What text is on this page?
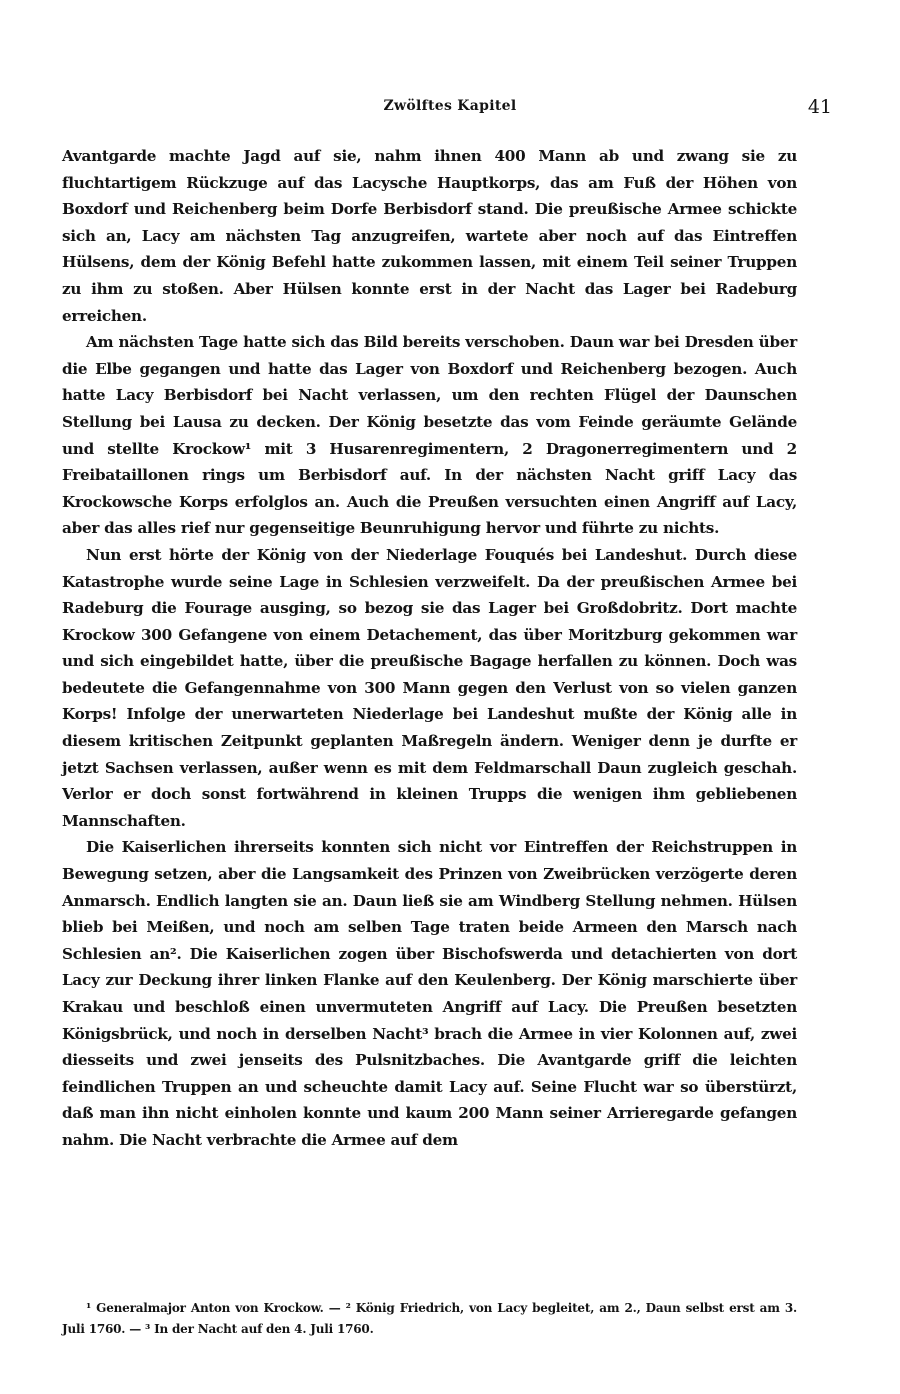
Zwölftes Kapitel	41

Avantgarde machte Jagd auf sie, nahm ihnen 400 Mann ab und zwang sie zu fluchtartigem Rückzuge auf das Lacysche Hauptkorps, das am Fuß der Höhen von Boxdorf und Reichenberg beim Dorfe Berbisdorf stand. Die preußische Armee schickte sich an, Lacy am nächsten Tag anzugreifen, wartete aber noch auf das Eintreffen Hülsens, dem der König Befehl hatte zukommen lassen, mit einem Teil seiner Truppen zu ihm zu stoßen. Aber Hülsen konnte erst in der Nacht das Lager bei Radeburg erreichen.

Am nächsten Tage hatte sich das Bild bereits verschoben. Daun war bei Dresden über die Elbe gegangen und hatte das Lager von Boxdorf und Reichenberg bezogen. Auch hatte Lacy Berbisdorf bei Nacht verlassen, um den rechten Flügel der Daunschen Stellung bei Lausa zu decken. Der König besetzte das vom Feinde geräumte Gelände und stellte Krockow¹ mit 3 Husarenregimentern, 2 Dragonerregimentern und 2 Freibataillonen rings um Berbisdorf auf. In der nächsten Nacht griff Lacy das Krockowsche Korps erfolglos an. Auch die Preußen versuchten einen Angriff auf Lacy, aber das alles rief nur gegenseitige Beunruhigung hervor und führte zu nichts.

Nun erst hörte der König von der Niederlage Fouqués bei Landeshut. Durch diese Katastrophe wurde seine Lage in Schlesien verzweifelt. Da der preußischen Armee bei Radeburg die Fourage ausging, so bezog sie das Lager bei Großdobritz. Dort machte Krockow 300 Gefangene von einem Detachement, das über Moritzburg gekommen war und sich eingebildet hatte, über die preußische Bagage herfallen zu können. Doch was bedeutete die Gefangennahme von 300 Mann gegen den Verlust von so vielen ganzen Korps! Infolge der unerwarteten Niederlage bei Landeshut mußte der König alle in diesem kritischen Zeitpunkt geplanten Maßregeln ändern. Weniger denn je durfte er jetzt Sachsen verlassen, außer wenn es mit dem Feldmarschall Daun zugleich geschah. Verlor er doch sonst fortwährend in kleinen Trupps die wenigen ihm gebliebenen Mannschaften.

Die Kaiserlichen ihrerseits konnten sich nicht vor Eintreffen der Reichstruppen in Bewegung setzen, aber die Langsamkeit des Prinzen von Zweibrücken verzögerte deren Anmarsch. Endlich langten sie an. Daun ließ sie am Windberg Stellung nehmen. Hülsen blieb bei Meißen, und noch am selben Tage traten beide Armeen den Marsch nach Schlesien an². Die Kaiserlichen zogen über Bischofswerda und detachierten von dort Lacy zur Deckung ihrer linken Flanke auf den Keulenberg. Der König marschierte über Krakau und beschloß einen unvermuteten Angriff auf Lacy. Die Preußen besetzten Königsbrück, und noch in derselben Nacht³ brach die Armee in vier Kolonnen auf, zwei diesseits und zwei jenseits des Pulsnitzbaches. Die Avantgarde griff die leichten feindlichen Truppen an und scheuchte damit Lacy auf. Seine Flucht war so überstürzt, daß man ihn nicht einholen konnte und kaum 200 Mann seiner Arrieregarde gefangen nahm. Die Nacht verbrachte die Armee auf dem

¹ Generalmajor Anton von Krockow. — ² König Friedrich, von Lacy begleitet, am 2., Daun selbst erst am 3. Juli 1760. — ³ In der Nacht auf den 4. Juli 1760.
